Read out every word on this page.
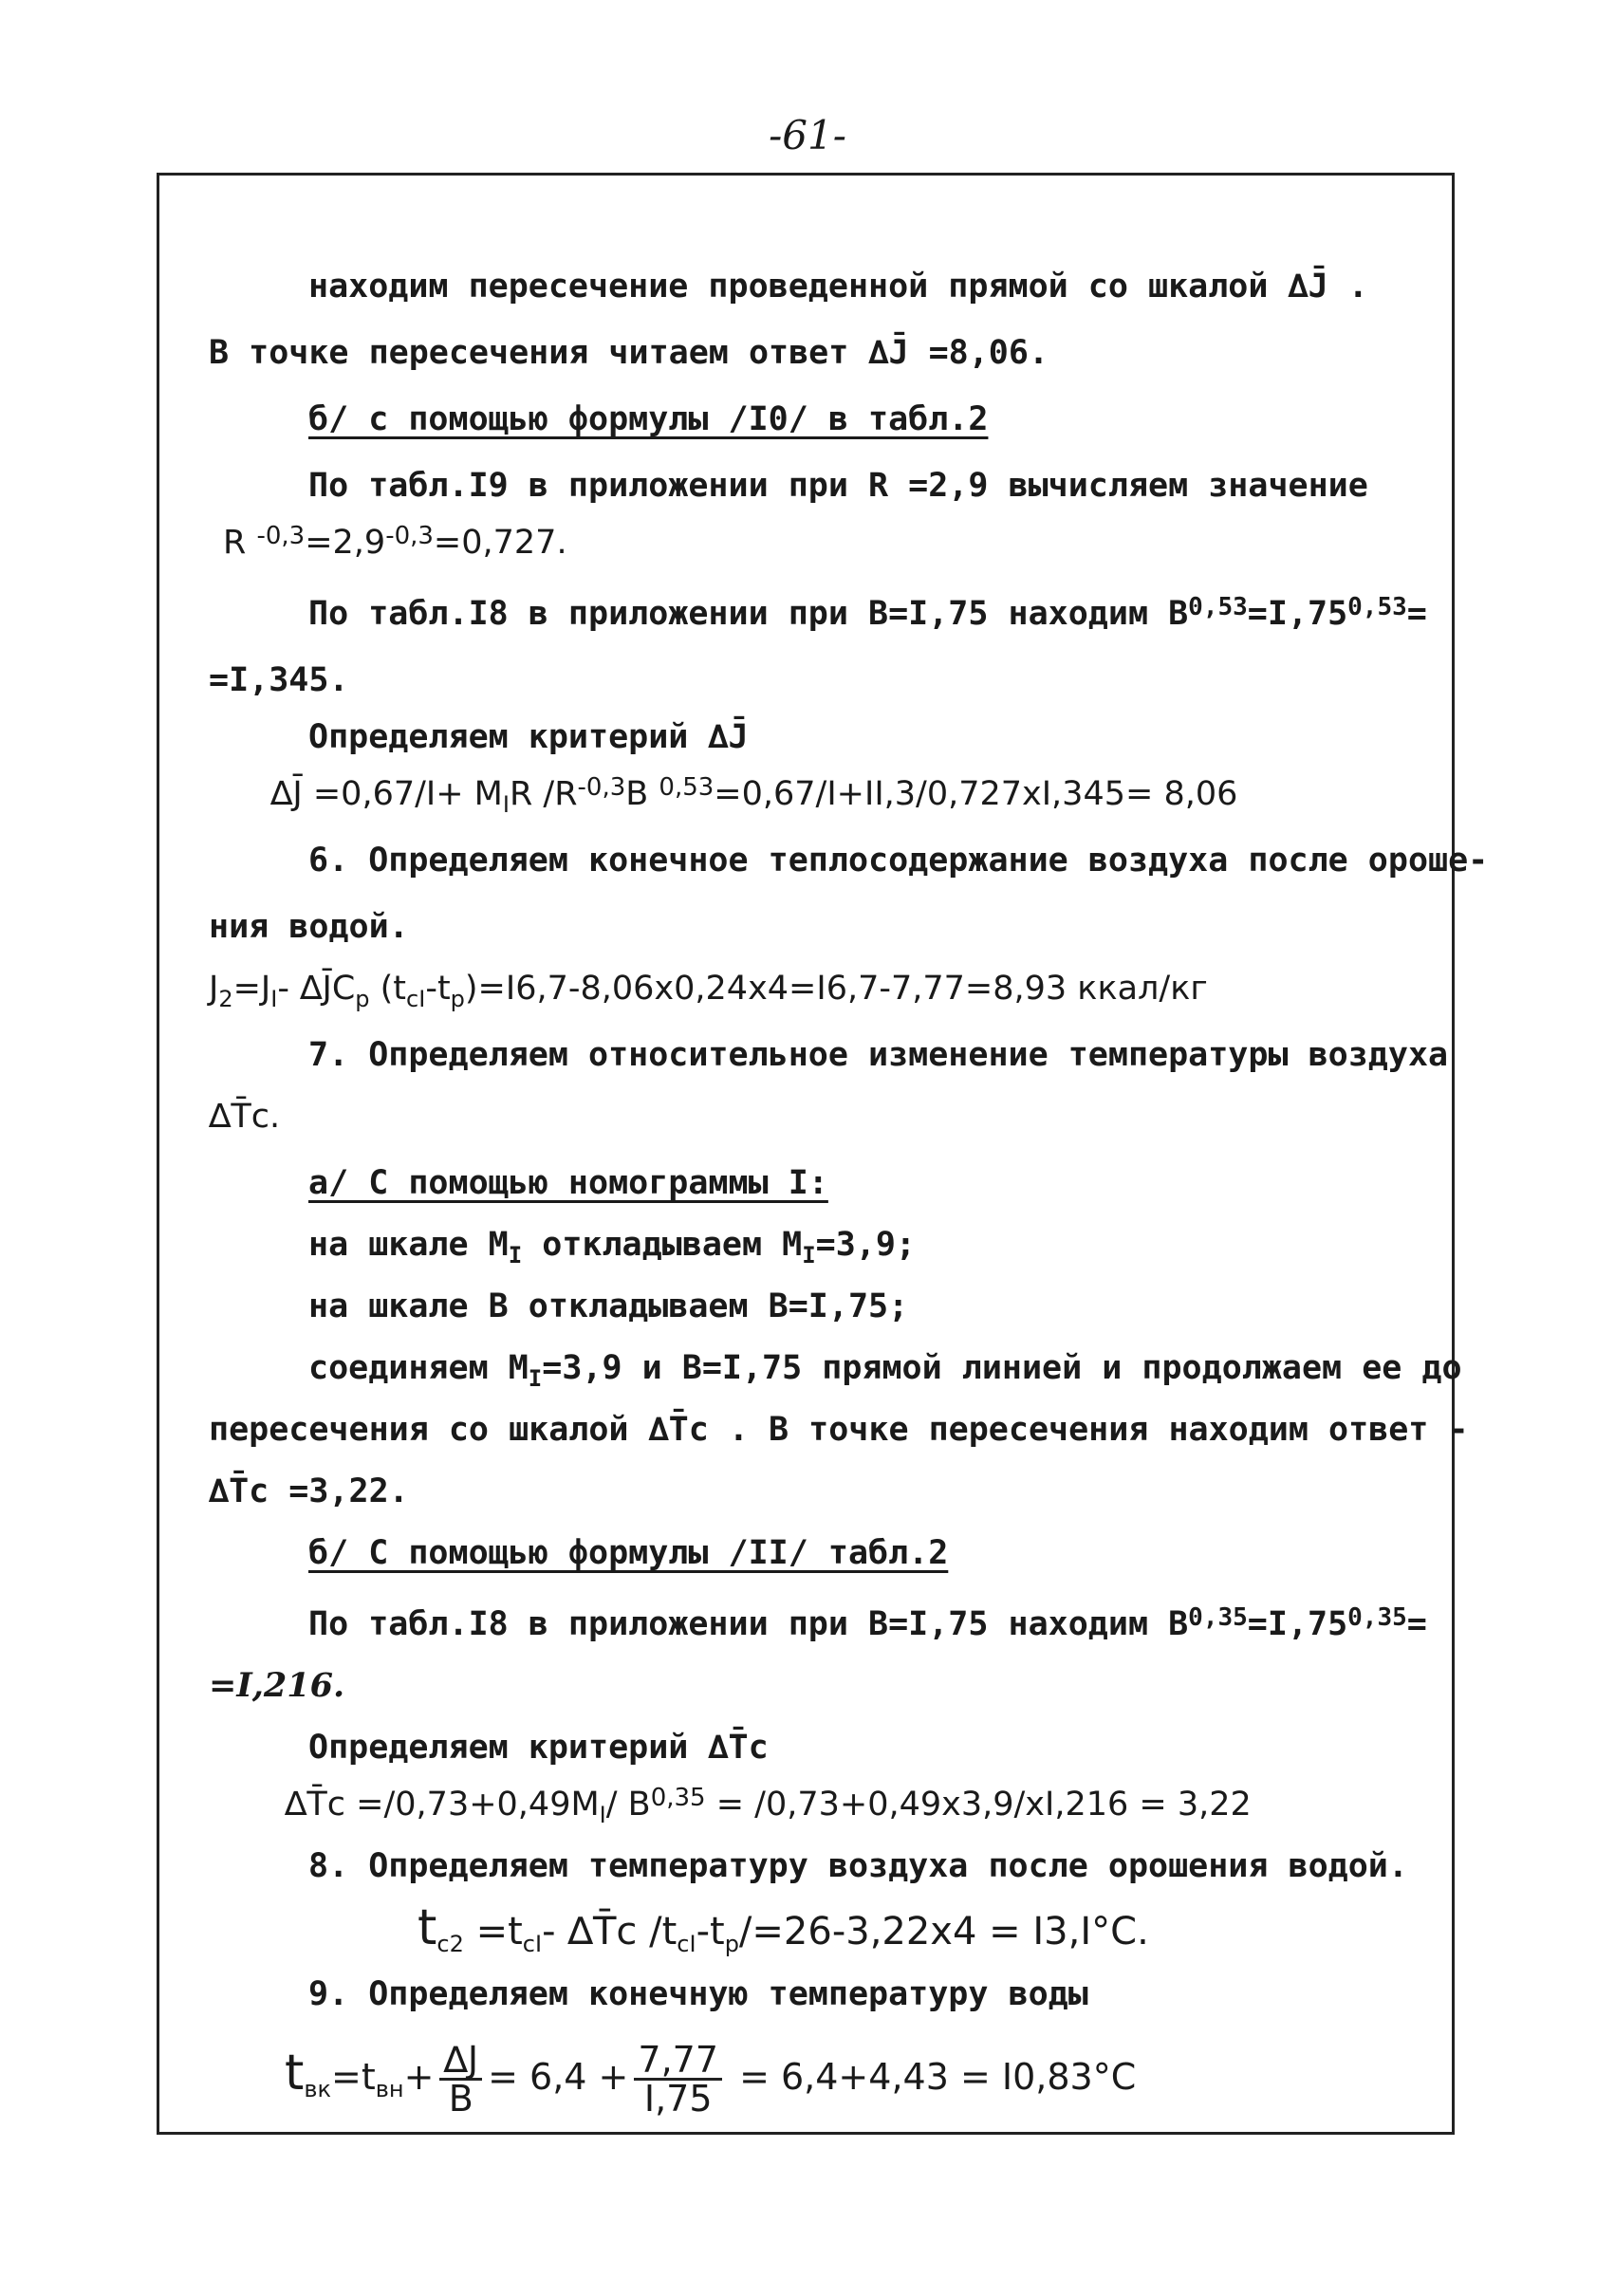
-61-
находим пересечение проведенной прямой со шкалой ∆J̄ .
В точке пересечения читаем ответ ∆J̄ =8,06.
б/ с помощью формулы /I0/ в табл.2
По табл.I9 в приложении при R =2,9 вычисляем значение
R $^{-0,3}=2,9^{-0,3}=0,727$.
По табл.I8 в приложении при B=I,75 находим $B^{0,53}=I,75^{0,53}=$
=I,345.
Определяем критерий ∆J̄
∆J̄ $=0,67/I+ M_IR$ $/R^{-0,3}B$ $^{0,53}$=0,67/I+II,3/0,727xI,345= 8,06
6. Определяем конечное теплосодержание воздуха после ороше-
ния водой.
$J_2=J_I-$ $\Delta J̄C_p$ $(t_{cI}-t_p)=I6,7-8,06x0,24x4=I6,7-7,77=8,93$ ккал/кг
7. Определяем относительное изменение температуры воздуха
∆T̄c.
а/ С помощью номограммы I:
на шкале $M_I$ откладываем $M_I=3,9$;
на шкале B откладываем B=I,75;
соединяем $M_I=3,9$ и B=I,75 прямой линией и продолжаем ее до
пересечения со шкалой ∆T̄c . В точке пересечения находим ответ -
∆T̄c =3,22.
б/ С помощью формулы /II/ табл.2
По табл.I8 в приложении при B=I,75 находим $B^{0,35}=I,75^{0,35}=$
=I,216.
Определяем критерий ∆T̄c
∆T̄c $=/0,73+0,49M_I/$ B$^{0,35}$ = /0,73+0,49x3,9/xI,216 = 3,22
8. Определяем температуру воздуха после орошения водой.
$t_{c2} =t_{cI}-$ ∆T̄c $/t_{cI}-t_p/=26-3,22x4 = I3,I^\circ C$.
9. Определяем конечную температуру воды
$t_{вк}=t_{вн}+ \frac{\Delta J}{B} = 6,4 + \frac{7,77}{I,75} = 6,4+4,43 = I0,83^\circ C$
